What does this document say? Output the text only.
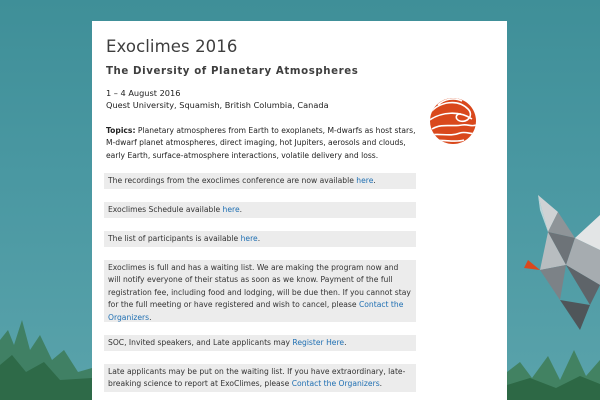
Exoclimes 2016
The Diversity of Planetary Atmospheres
1 – 4 August 2016
Quest University, Squamish, British Columbia, Canada
Topics: Planetary atmospheres from Earth to exoplanets, M-dwarfs as host stars, M-dwarf planet atmospheres, direct imaging, hot Jupiters, aerosols and clouds, early Earth, surface-atmosphere interactions, volatile delivery and loss.
The recordings from the exoclimes conference are now available here.
Exoclimes Schedule available here.
The list of participants is available here.
Exoclimes is full and has a waiting list. We are making the program now and will notify everyone of their status as soon as we know. Payment of the full registration fee, including food and lodging, will be due then. If you cannot stay for the full meeting or have registered and wish to cancel, please Contact the Organizers.
SOC, Invited speakers, and Late applicants may Register Here.
Late applicants may be put on the waiting list. If you have extraordinary, late-breaking science to report at ExoClimes, please Contact the Organizers.
